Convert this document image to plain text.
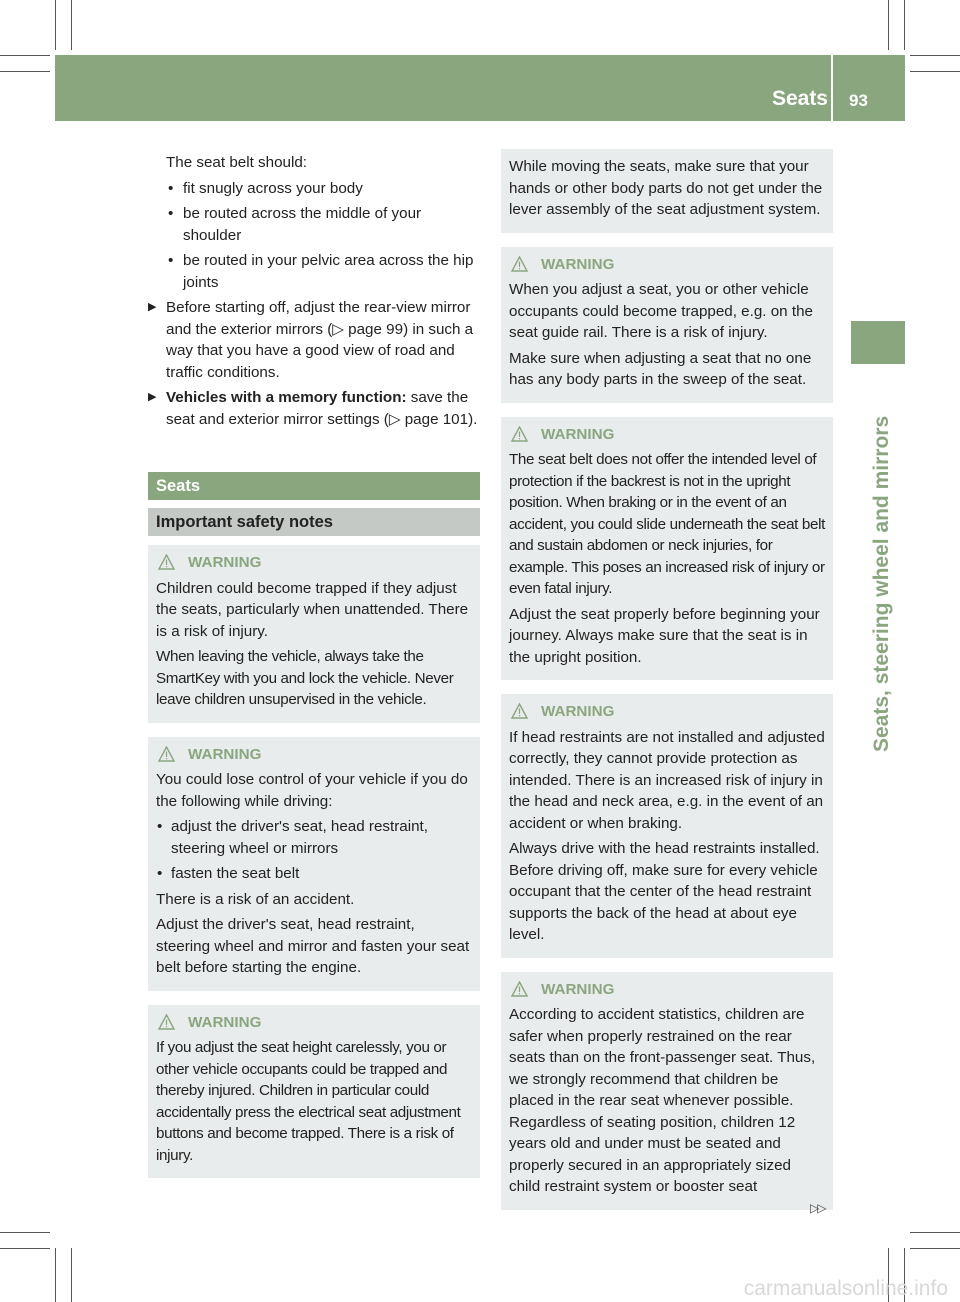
Seats 93
Seats, steering wheel and mirrors

The seat belt should:

• fit snugly across your body
• be routed across the middle of your shoulder
• be routed in your pelvic area across the hip joints
▶ Before starting off, adjust the rear-view mirror and the exterior mirrors (▷ page 99) in such a way that you have a good view of road and traffic conditions.
▶ Vehicles with a memory function: save the seat and exterior mirror settings (▷ page 101).
Seats
Important safety notes
WARNING

Children could become trapped if they adjust the seats, particularly when unattended. There is a risk of injury.

When leaving the vehicle, always take the SmartKey with you and lock the vehicle. Never leave children unsupervised in the vehicle.

WARNING

You could lose control of your vehicle if you do the following while driving:

• adjust the driver's seat, head restraint, steering wheel or mirrors
• fasten the seat belt

There is a risk of an accident.

Adjust the driver's seat, head restraint, steering wheel and mirror and fasten your seat belt before starting the engine.

WARNING

If you adjust the seat height carelessly, you or other vehicle occupants could be trapped and thereby injured. Children in particular could accidentally press the electrical seat adjustment buttons and become trapped. There is a risk of injury.

While moving the seats, make sure that your hands or other body parts do not get under the lever assembly of the seat adjustment system.

WARNING

When you adjust a seat, you or other vehicle occupants could become trapped, e.g. on the seat guide rail. There is a risk of injury.

Make sure when adjusting a seat that no one has any body parts in the sweep of the seat.

WARNING

The seat belt does not offer the intended level of protection if the backrest is not in the upright position. When braking or in the event of an accident, you could slide underneath the seat belt and sustain abdomen or neck injuries, for example. This poses an increased risk of injury or even fatal injury.

Adjust the seat properly before beginning your journey. Always make sure that the seat is in the upright position.

WARNING

If head restraints are not installed and adjusted correctly, they cannot provide protection as intended. There is an increased risk of injury in the head and neck area, e.g. in the event of an accident or when braking.

Always drive with the head restraints installed. Before driving off, make sure for every vehicle occupant that the center of the head restraint supports the back of the head at about eye level.

WARNING

According to accident statistics, children are safer when properly restrained on the rear seats than on the front-passenger seat. Thus, we strongly recommend that children be placed in the rear seat whenever possible. Regardless of seating position, children 12 years old and under must be seated and properly secured in an appropriately sized child restraint system or booster seat

▷▷
carmanualsonline.info
